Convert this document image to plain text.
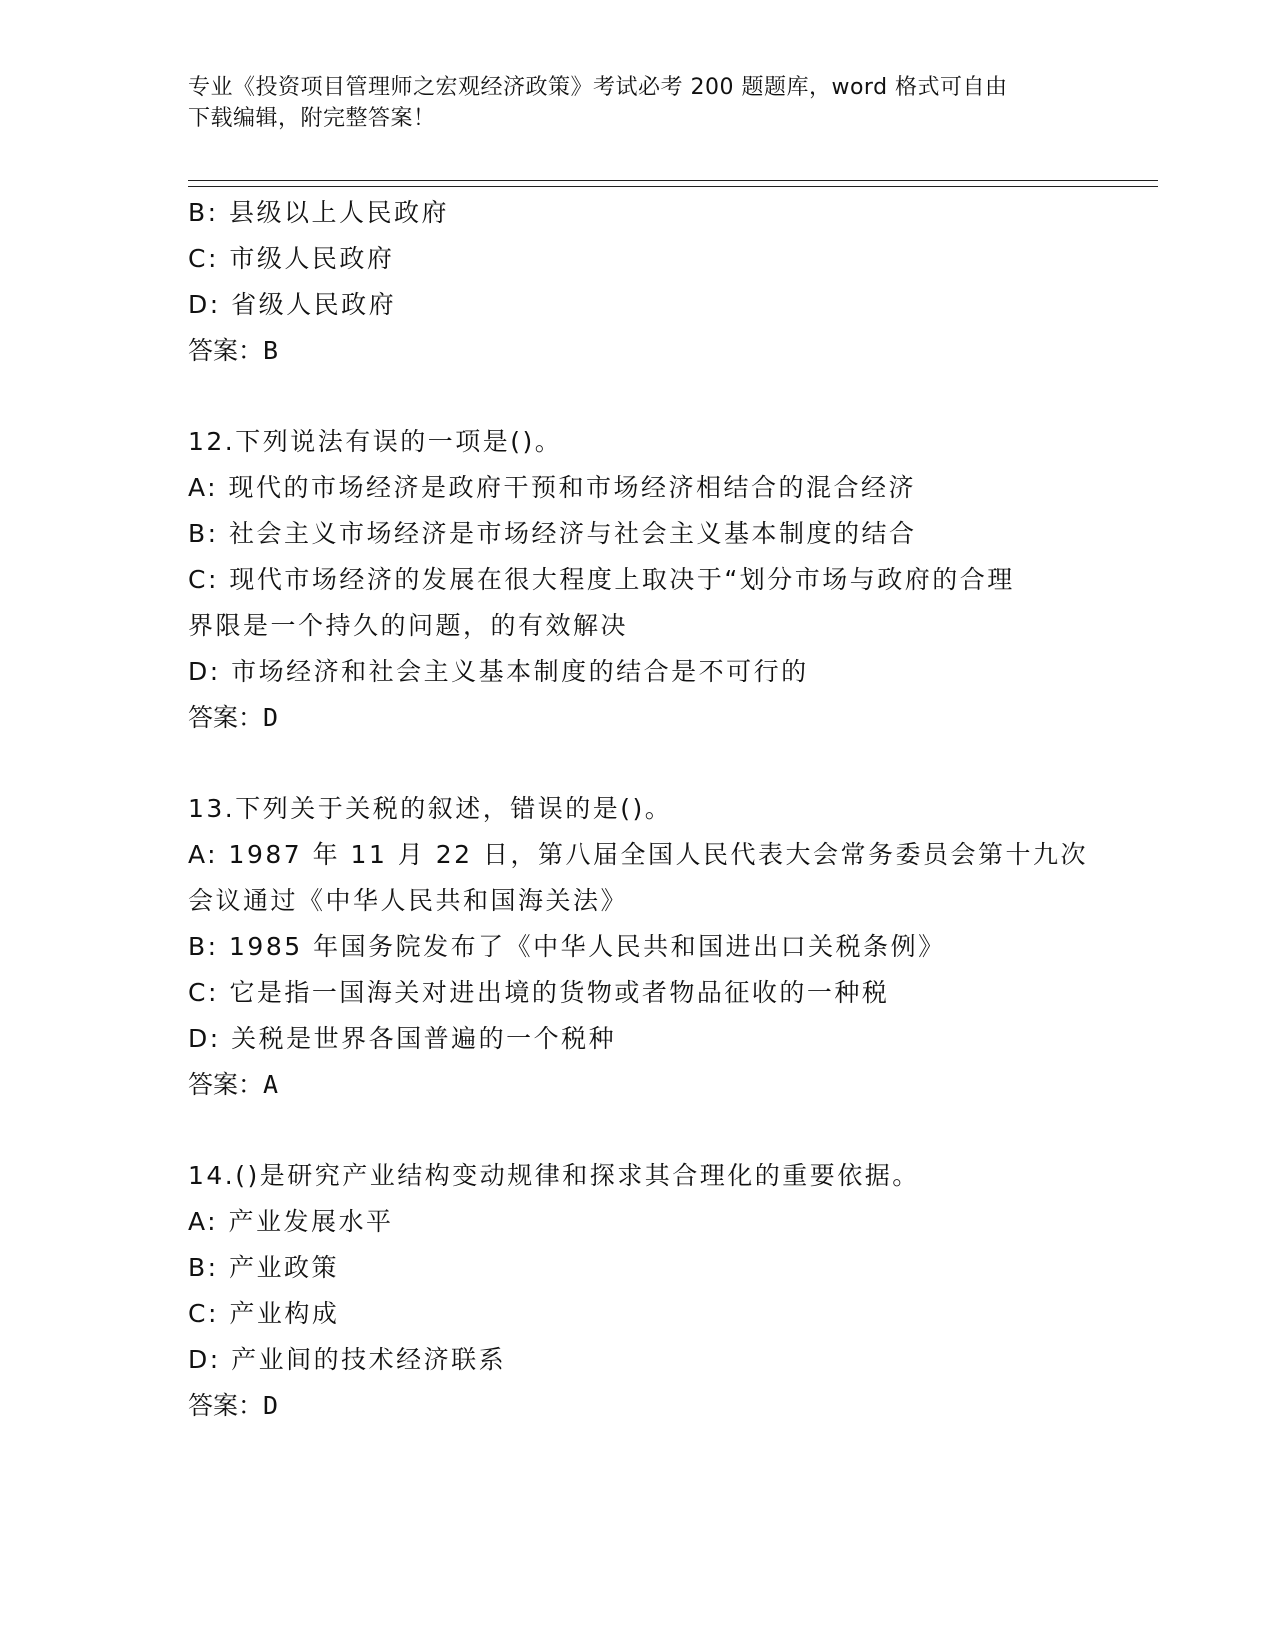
专业《投资项目管理师之宏观经济政策》考试必考 200 题题库，word 格式可自由
下载编辑，附完整答案！
B: 县级以上人民政府
C: 市级人民政府
D: 省级人民政府
答案：B
12.下列说法有误的一项是()。
A: 现代的市场经济是政府干预和市场经济相结合的混合经济
B: 社会主义市场经济是市场经济与社会主义基本制度的结合
C: 现代市场经济的发展在很大程度上取决于“划分市场与政府的合理
界限是一个持久的问题，的有效解决
D: 市场经济和社会主义基本制度的结合是不可行的
答案：D
13.下列关于关税的叙述，错误的是()。
A: 1987 年 11 月 22 日，第八届全国人民代表大会常务委员会第十九次
会议通过《中华人民共和国海关法》
B: 1985 年国务院发布了《中华人民共和国进出口关税条例》
C: 它是指一国海关对进出境的货物或者物品征收的一种税
D: 关税是世界各国普遍的一个税种
答案：A
14.()是研究产业结构变动规律和探求其合理化的重要依据。
A: 产业发展水平
B: 产业政策
C: 产业构成
D: 产业间的技术经济联系
答案：D
